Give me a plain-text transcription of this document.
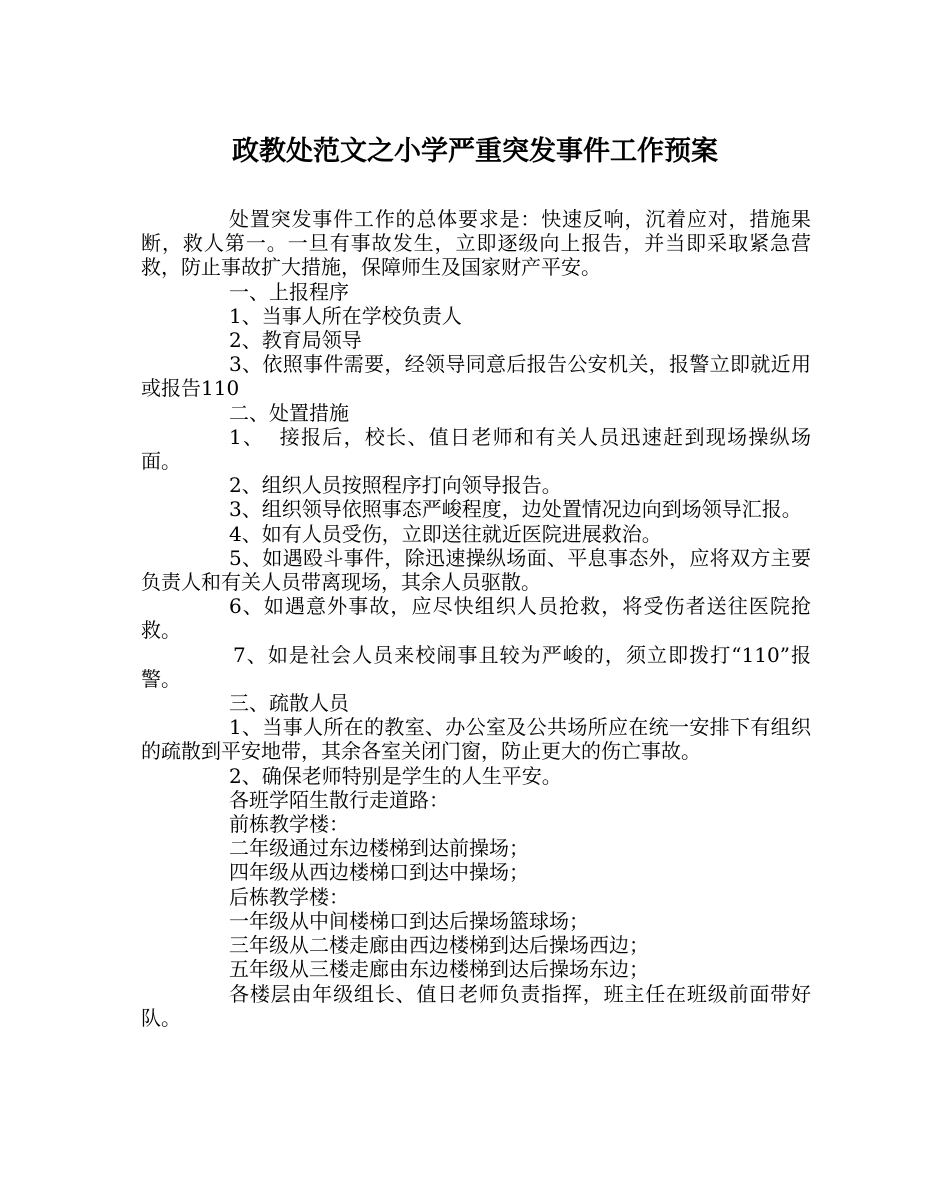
政教处范文之小学严重突发事件工作预案

处置突发事件工作的总体要求是：快速反响，沉着应对，措施果断，救人第一。一旦有事故发生，立即逐级向上报告，并当即采取紧急营救，防止事故扩大措施，保障师生及国家财产平安。

一、上报程序

1、当事人所在学校负责人

2、教育局领导

3、依照事件需要，经领导同意后报告公安机关，报警立即就近用或报告110

二、处置措施

1、  接报后，校长、值日老师和有关人员迅速赶到现场操纵场面。

2、组织人员按照程序打向领导报告。

3、组织领导依照事态严峻程度，边处置情况边向到场领导汇报。

4、如有人员受伤，立即送往就近医院进展救治。

5、如遇殴斗事件，除迅速操纵场面、平息事态外，应将双方主要负责人和有关人员带离现场，其余人员驱散。

6、如遇意外事故，应尽快组织人员抢救，将受伤者送往医院抢救。

7、如是社会人员来校闹事且较为严峻的，须立即拨打“110”报警。

三、疏散人员

1、当事人所在的教室、办公室及公共场所应在统一安排下有组织的疏散到平安地带，其余各室关闭门窗，防止更大的伤亡事故。

2、确保老师特别是学生的人生平安。

各班学陌生散行走道路：

前栋教学楼：

二年级通过东边楼梯到达前操场；

四年级从西边楼梯口到达中操场；

后栋教学楼：

一年级从中间楼梯口到达后操场篮球场；

三年级从二楼走廊由西边楼梯到达后操场西边；

五年级从三楼走廊由东边楼梯到达后操场东边；

各楼层由年级组长、值日老师负责指挥，班主任在班级前面带好队。
